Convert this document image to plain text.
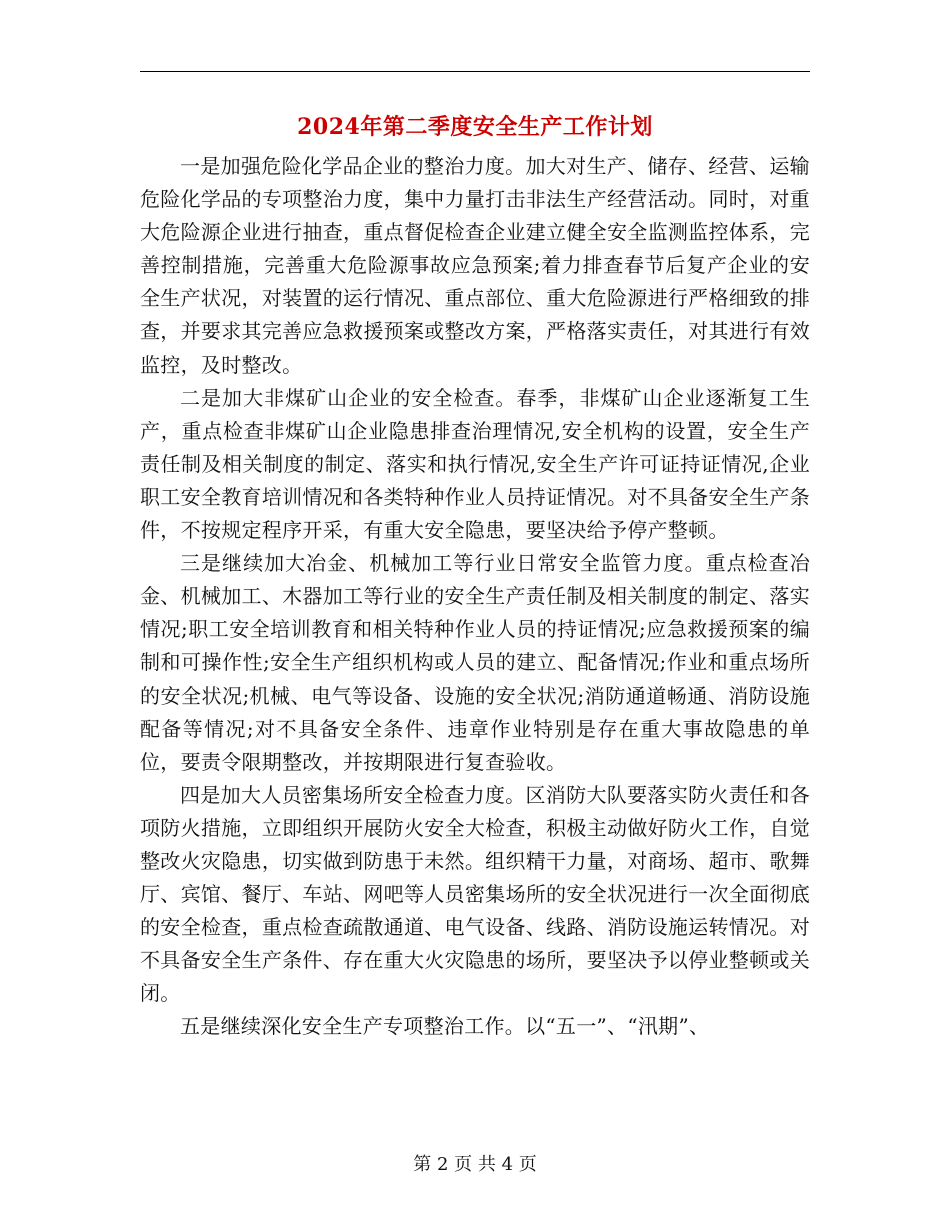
2024年第二季度安全生产工作计划

一是加强危险化学品企业的整治力度。加大对生产、储存、经营、运输危险化学品的专项整治力度，集中力量打击非法生产经营活动。同时，对重大危险源企业进行抽查，重点督促检查企业建立健全安全监测监控体系，完善控制措施，完善重大危险源事故应急预案;着力排查春节后复产企业的安全生产状况，对装置的运行情况、重点部位、重大危险源进行严格细致的排查，并要求其完善应急救援预案或整改方案，严格落实责任，对其进行有效监控，及时整改。

二是加大非煤矿山企业的安全检查。春季，非煤矿山企业逐渐复工生产，重点检查非煤矿山企业隐患排查治理情况,安全机构的设置，安全生产责任制及相关制度的制定、落实和执行情况,安全生产许可证持证情况,企业职工安全教育培训情况和各类特种作业人员持证情况。对不具备安全生产条件，不按规定程序开采，有重大安全隐患，要坚决给予停产整顿。

三是继续加大冶金、机械加工等行业日常安全监管力度。重点检查冶金、机械加工、木器加工等行业的安全生产责任制及相关制度的制定、落实情况;职工安全培训教育和相关特种作业人员的持证情况;应急救援预案的编制和可操作性;安全生产组织机构或人员的建立、配备情况;作业和重点场所的安全状况;机械、电气等设备、设施的安全状况;消防通道畅通、消防设施配备等情况;对不具备安全条件、违章作业特别是存在重大事故隐患的单位，要责令限期整改，并按期限进行复查验收。

四是加大人员密集场所安全检查力度。区消防大队要落实防火责任和各项防火措施，立即组织开展防火安全大检查，积极主动做好防火工作，自觉整改火灾隐患，切实做到防患于未然。组织精干力量，对商场、超市、歌舞厅、宾馆、餐厅、车站、网吧等人员密集场所的安全状况进行一次全面彻底的安全检查，重点检查疏散通道、电气设备、线路、消防设施运转情况。对不具备安全生产条件、存在重大火灾隐患的场所，要坚决予以停业整顿或关闭。

五是继续深化安全生产专项整治工作。以“五一”、“汛期”、

第 2 页 共 4 页
